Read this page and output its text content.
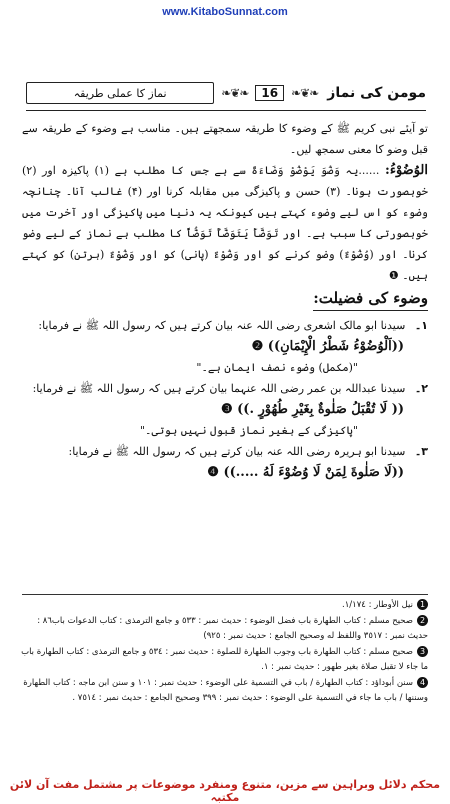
www.KitaboSunnat.com
مومن کی نماز
❧❦❧
16
❧❦❧
نماز کا عملی طریقہ

تو آیئے نبی کریم ﷺ کے وضوء کا طریقہ سمجھتے ہیں۔ مناسب ہے وضوء کے طریقہ سے قبل وضو کا معنی سمجھ لیں۔

الوُضُوْءُ: ......یہ وَضُوَ یَوْضُوْ وَضَاءَۃً سے ہے جس کا مطلب ہے (۱) پاکیزہ اور (۲) خوبصورت ہونا۔ (۳) حسن و پاکیزگی میں مقابلہ کرنا اور (۴) غالب آنا۔ چنانچہ وضوء کو اس لیے وضوء کہتے ہیں کیونکہ یہ دنیا میں پاکیزگی اور آخرت میں خوبصورتی کا سبب ہے۔ اور تَوَضَّأَ یَتَوَضَّأُ تَوَضُّأً کا مطلب ہے نماز کے لیے وضو کرنا۔ اور (وُضُوْءٌ) وضو کرنے کو اور وَضُوْءٌ (پانی) کو اور وَضُوْءٌ (برتن) کو کہتے ہیں۔ ❶

وضوء کی فضیلت:
۱۔ سیدنا ابو مالک اشعری رضی اللہ عنہ بیان کرتے ہیں کہ رسول اللہ ﷺ نے فرمایا:
((اَلْوُضُوْءُ شَطْرُ الْإِيْمَانِ)) ❷
"(مکمل) وضوء نصف ایمان ہے۔"
۲۔ سیدنا عبداللہ بن عمر رضی اللہ عنہما بیان کرتے ہیں کہ رسول اللہ ﷺ نے فرمایا:
(( لَا تُقْبَلُ صَلٰوةٌ بِغَيْرِ طُهُوْرٍ .)) ❸
"پاکیزگی کے بغیر نماز قبول نہیں ہوتی۔"
۳۔ سیدنا ابو ہریرہ رضی اللہ عنہ بیان کرتے ہیں کہ رسول اللہ ﷺ نے فرمایا:
((لَا صَلٰوةَ لِمَنْ لَا وُضُوْءَ لَهُ .....)) ❹

1نيل الأوطار : ١/١٧٤.

2صحیح مسلم : كتاب الطهارة باب فضل الوضوء : حديث نمبر : ٥٣٣ و جامع الترمذی : كتاب الدعوات باب٨٦ : حديث نمبر : ٣٥١٧ واللفظ له وصحیح الجامع : حديث نمبر : ٩٢٥)

3صحیح مسلم : كتاب الطهارة باب وجوب الطهارة للصلوة : حديث نمبر : ٥٣٤ و جامع الترمذی : كتاب الطهارة باب ما جاء لا تقبل صلاة بغير طهور : حديث نمبر : ١.

4سنن أبوداؤد : كتاب الطهارة / باب في التسمية على الوضوء : حديث نمبر : ١٠١ و سنن ابن ماجه : كتاب الطهارة وسننها / باب ما جاء في التسمية على الوضوء : حديث نمبر : ٣٩٩ وصحيح الجامع : حديث نمبر : ٧٥١٤ .

محکم دلائل وبراہین سے مزین، متنوع ومنفرد موضوعات پر مشتمل مفت آن لائن مکتبہ
